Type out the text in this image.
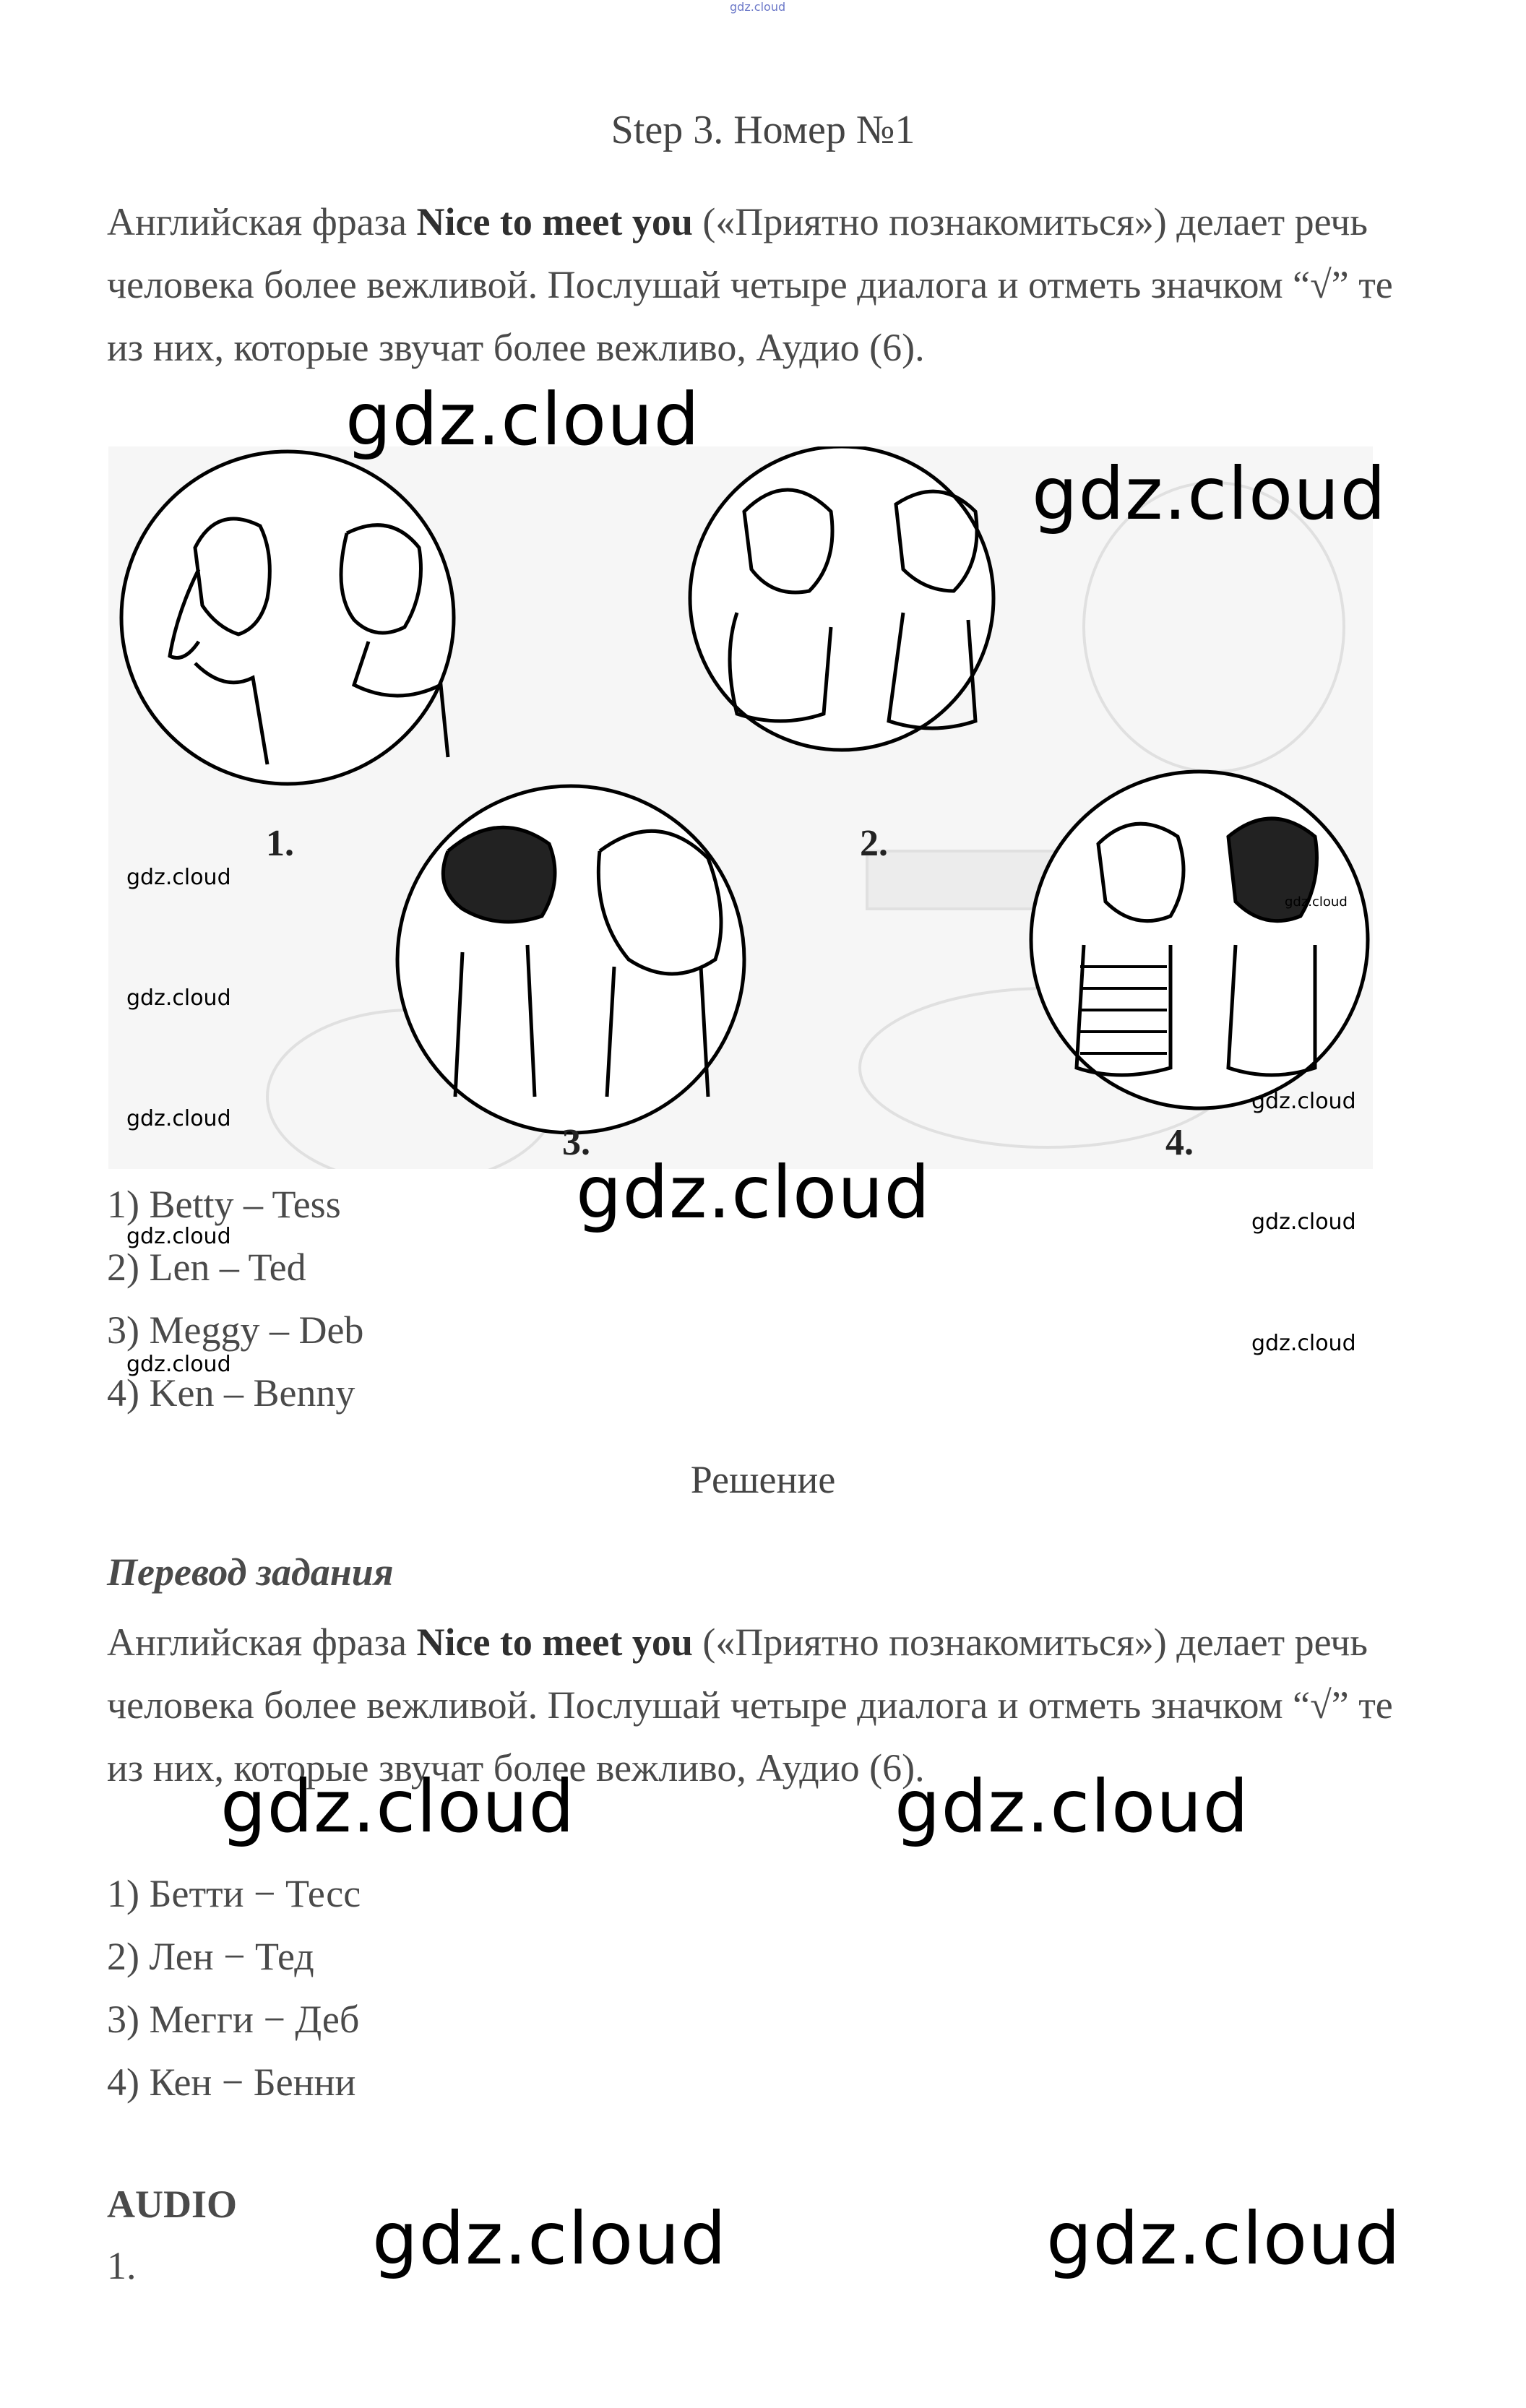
gdz.cloud
Step 3. Номер №1
Английская фраза Nice to meet you («Приятно познакомиться») делает речь человека более вежливой. Послушай четыре диалога и отметь значком “√” те из них, которые звучат более вежливо, Аудио (6).
1.	2.
3.	4.
1) Betty – Tess
2) Len – Ted
3) Meggy – Deb
4) Ken – Benny
Решение
Перевод задания
Английская фраза Nice to meet you («Приятно познакомиться») делает речь человека более вежливой. Послушай четыре диалога и отметь значком “√” те из них, которые звучат более вежливо, Аудио (6).
1) Бетти − Тесс
2) Лен − Тед
3) Мегги − Деб
4) Кен − Бенни
AUDIO
1.
gdz.cloud
gdz.cloud
gdz.cloud
gdz.cloud
gdz.cloud
gdz.cloud
gdz.cloud
gdz.cloud	gdz.cloud
gdz.cloud
gdz.cloud
gdz.cloud
gdz.cloud	gdz.cloud
gdz.cloud	gdz.cloud
